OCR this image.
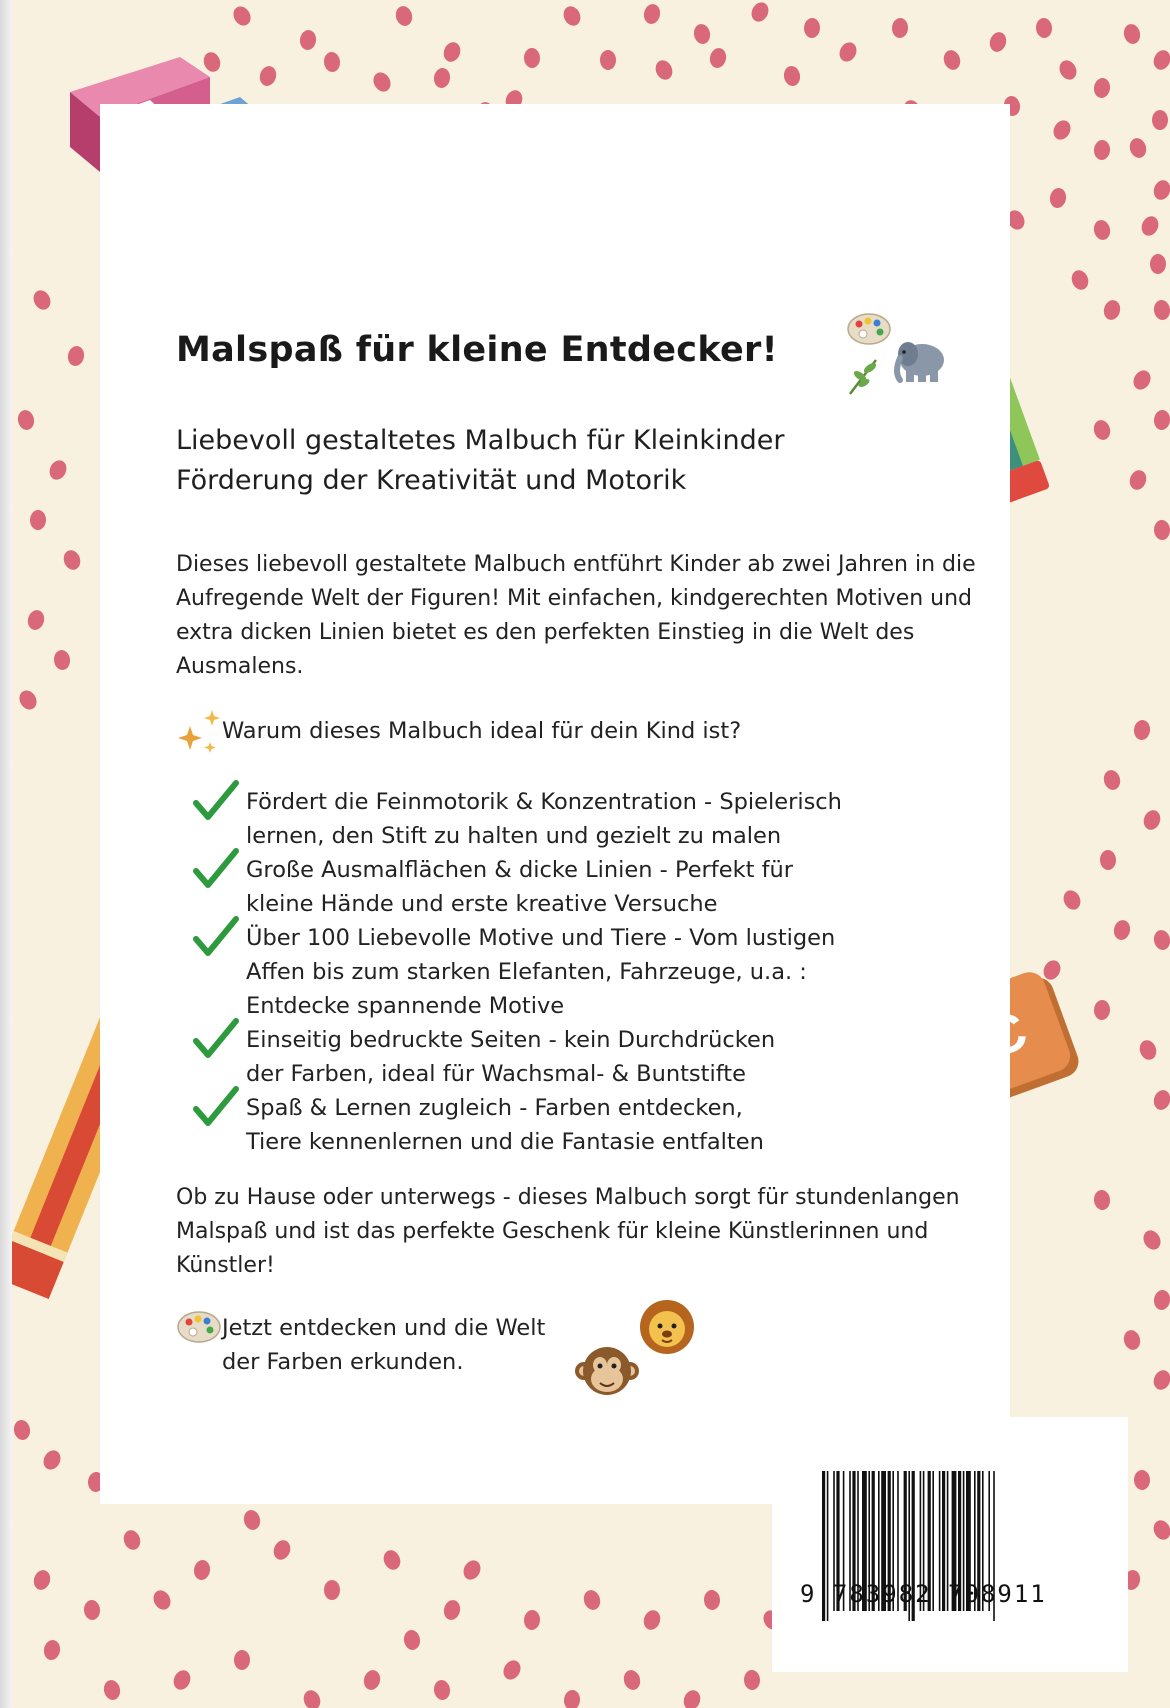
Malspaß für kleine Entdecker!
Liebevoll gestaltetes Malbuch für Kleinkinder
Förderung der Kreativität und Motorik
Dieses liebevoll gestaltete Malbuch entführt Kinder ab zwei Jahren in die Aufregende Welt der Figuren! Mit einfachen, kindgerechten Motiven und extra dicken Linien bietet es den perfekten Einstieg in die Welt des Ausmalens.
Warum dieses Malbuch ideal für dein Kind ist?
Fördert die Feinmotorik & Konzentration - Spielerisch
lernen, den Stift zu halten und gezielt zu malen
Große Ausmalflächen & dicke Linien - Perfekt für
kleine Hände und erste kreative Versuche
Über 100 Liebevolle Motive und Tiere - Vom lustigen
Affen bis zum starken Elefanten, Fahrzeuge, u.a. :
Entdecke spannende Motive
Einseitig bedruckte Seiten - kein Durchdrücken
der Farben, ideal für Wachsmal- & Buntstifte
Spaß & Lernen zugleich - Farben entdecken,
Tiere kennenlernen und die Fantasie entfalten
Ob zu Hause oder unterwegs - dieses Malbuch sorgt für stundenlangen Malspaß und ist das perfekte Geschenk für kleine Künstlerinnen und Künstler!
Jetzt entdecken und die Welt
der Farben erkunden.
9 783982 708911
